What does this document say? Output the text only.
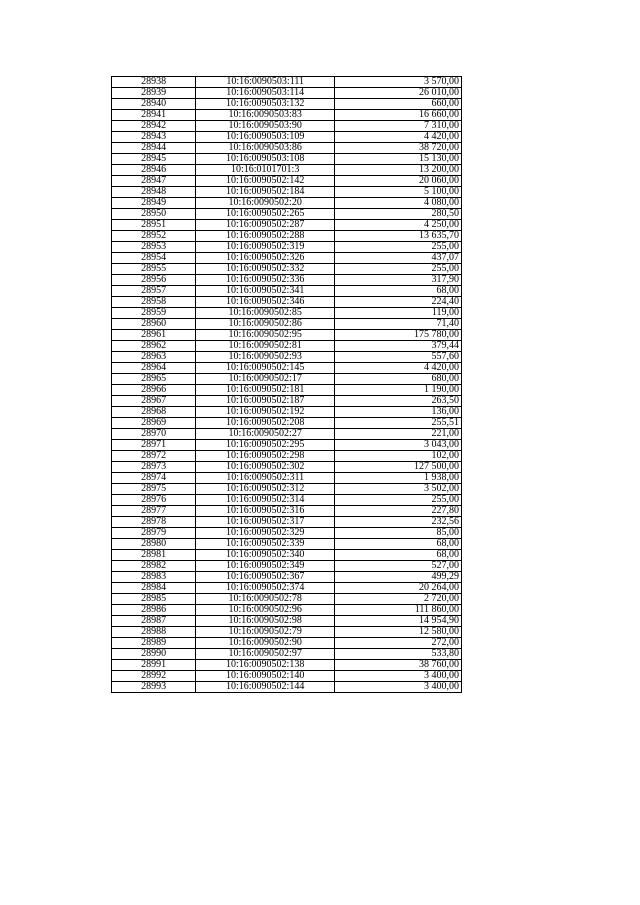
28938	10:16:0090503:111	3 570,00
28939	10:16:0090503:114	26 010,00
28940	10:16:0090503:132	660,00
28941	10:16:0090503:83	16 660,00
28942	10:16:0090503:90	7 310,00
28943	10:16:0090503:109	4 420,00
28944	10:16:0090503:86	38 720,00
28945	10:16:0090503:108	15 130,00
28946	10:16:0101701:3	13 200,00
28947	10:16:0090502:142	20 060,00
28948	10:16:0090502:184	5 100,00
28949	10:16:0090502:20	4 080,00
28950	10:16:0090502:265	280,50
28951	10:16:0090502:287	4 250,00
28952	10:16:0090502:288	13 635,70
28953	10:16:0090502:319	255,00
28954	10:16:0090502:326	437,07
28955	10:16:0090502:332	255,00
28956	10:16:0090502:336	317,90
28957	10:16:0090502:341	68,00
28958	10:16:0090502:346	224,40
28959	10:16:0090502:85	119,00
28960	10:16:0090502:86	71,40
28961	10:16:0090502:95	175 780,00
28962	10:16:0090502:81	379,44
28963	10:16:0090502:93	557,60
28964	10:16:0090502:145	4 420,00
28965	10:16:0090502:17	680,00
28966	10:16:0090502:181	1 190,00
28967	10:16:0090502:187	263,50
28968	10:16:0090502:192	136,00
28969	10:16:0090502:208	255,51
28970	10:16:0090502:27	221,00
28971	10:16:0090502:295	3 043,00
28972	10:16:0090502:298	102,00
28973	10:16:0090502:302	127 500,00
28974	10:16:0090502:311	1 938,00
28975	10:16:0090502:312	3 502,00
28976	10:16:0090502:314	255,00
28977	10:16:0090502:316	227,80
28978	10:16:0090502:317	232,56
28979	10:16:0090502:329	85,00
28980	10:16:0090502:339	68,00
28981	10:16:0090502:340	68,00
28982	10:16:0090502:349	527,00
28983	10:16:0090502:367	499,29
28984	10:16:0090502:374	20 264,00
28985	10:16:0090502:78	2 720,00
28986	10:16:0090502:96	111 860,00
28987	10:16:0090502:98	14 954,90
28988	10:16:0090502:79	12 580,00
28989	10:16:0090502:90	272,00
28990	10:16:0090502:97	533,80
28991	10:16:0090502:138	38 760,00
28992	10:16:0090502:140	3 400,00
28993	10:16:0090502:144	3 400,00
